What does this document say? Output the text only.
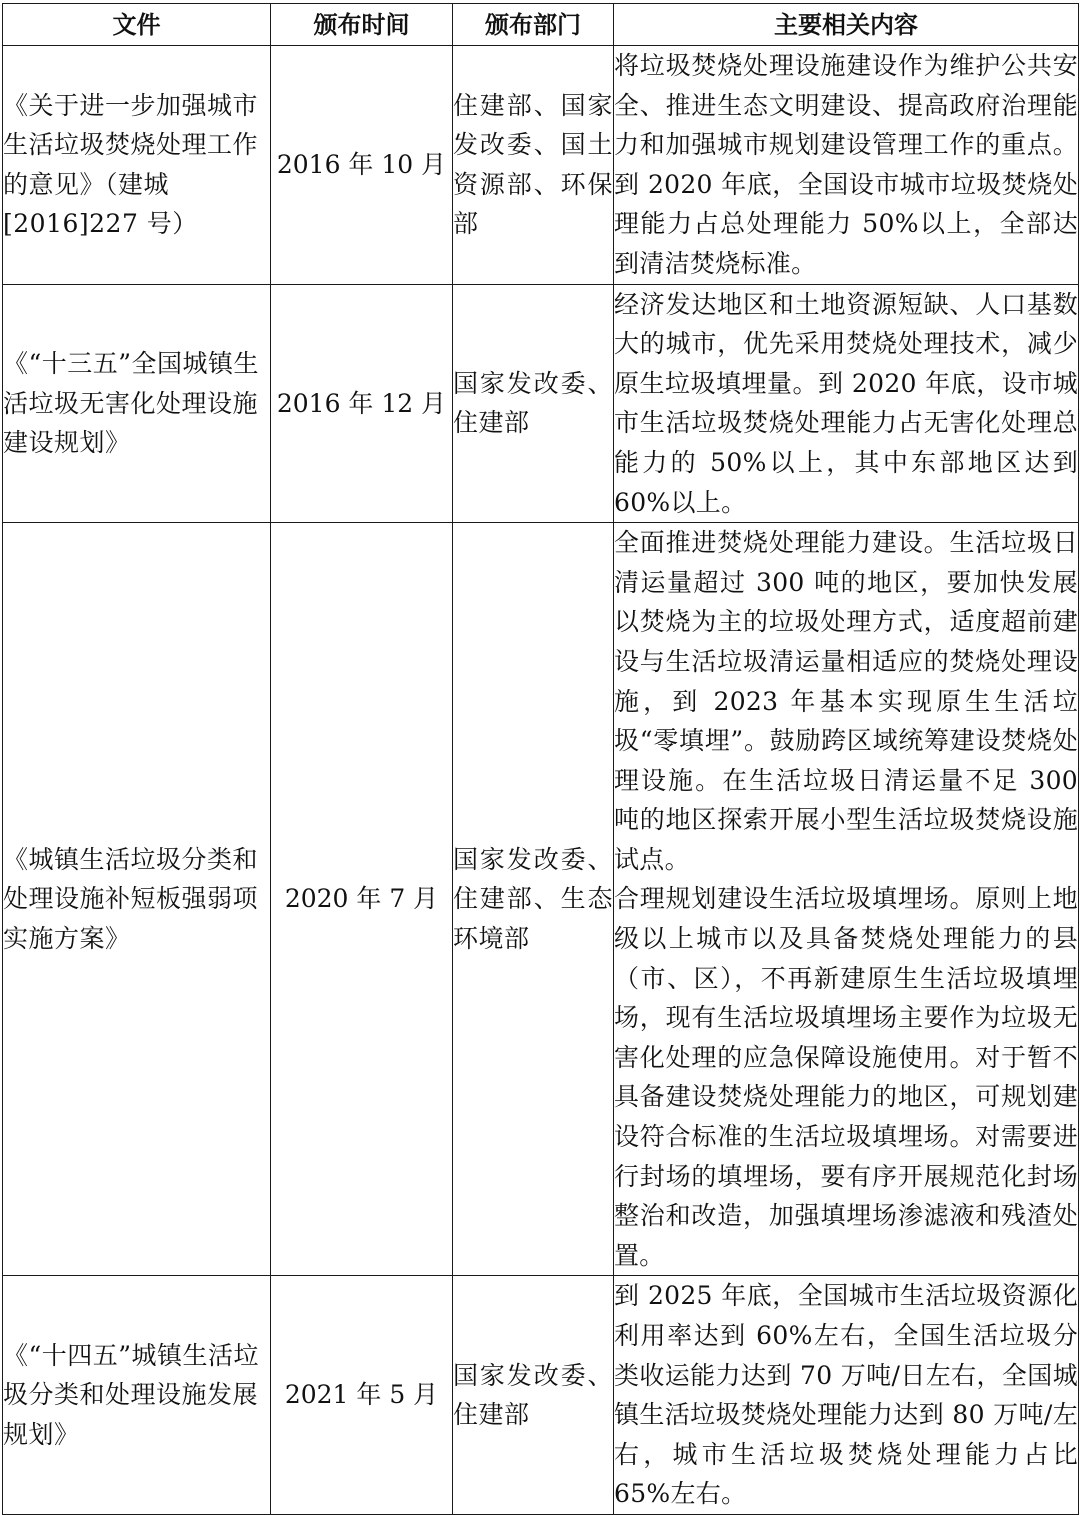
文件	颁布时间	颁布部门	主要相关内容
《关于进一步加强城市生活垃圾焚烧处理工作的意见》（建城[2016]227 号）	2016 年 10 月	住建部、国家发改委、国土资源部、环保部	将垃圾焚烧处理设施建设作为维护公共安全、推进生态文明建设、提高政府治理能力和加强城市规划建设管理工作的重点。到 2020 年底，全国设市城市垃圾焚烧处理能力占总处理能力 50%以上，全部达到清洁焚烧标准。

《“十三五”全国城镇生活垃圾无害化处理设施建设规划》	2016 年 12 月	国家发改委、住建部	经济发达地区和土地资源短缺、人口基数大的城市，优先采用焚烧处理技术，减少原生垃圾填埋量。到 2020 年底，设市城市生活垃圾焚烧处理能力占无害化处理总能力的 50%以上，其中东部地区达到 60%以上。

《城镇生活垃圾分类和处理设施补短板强弱项实施方案》	2020 年 7 月	国家发改委、住建部、生态环境部	全面推进焚烧处理能力建设。生活垃圾日清运量超过 300 吨的地区，要加快发展以焚烧为主的垃圾处理方式，适度超前建设与生活垃圾清运量相适应的焚烧处理设施，到 2023 年基本实现原生生活垃圾“零填埋”。鼓励跨区域统筹建设焚烧处理设施。在生活垃圾日清运量不足 300 吨的地区探索开展小型生活垃圾焚烧设施试点。
合理规划建设生活垃圾填埋场。原则上地级以上城市以及具备焚烧处理能力的县（市、区），不再新建原生生活垃圾填埋场，现有生活垃圾填埋场主要作为垃圾无害化处理的应急保障设施使用。对于暂不具备建设焚烧处理能力的地区，可规划建设符合标准的生活垃圾填埋场。对需要进行封场的填埋场，要有序开展规范化封场整治和改造，加强填埋场渗滤液和残渣处置。

《“十四五”城镇生活垃圾分类和处理设施发展规划》	2021 年 5 月	国家发改委、住建部	到 2025 年底，全国城市生活垃圾资源化利用率达到 60%左右，全国生活垃圾分类收运能力达到 70 万吨/日左右，全国城镇生活垃圾焚烧处理能力达到 80 万吨/左右，城市生活垃圾焚烧处理能力占比 65%左右。
